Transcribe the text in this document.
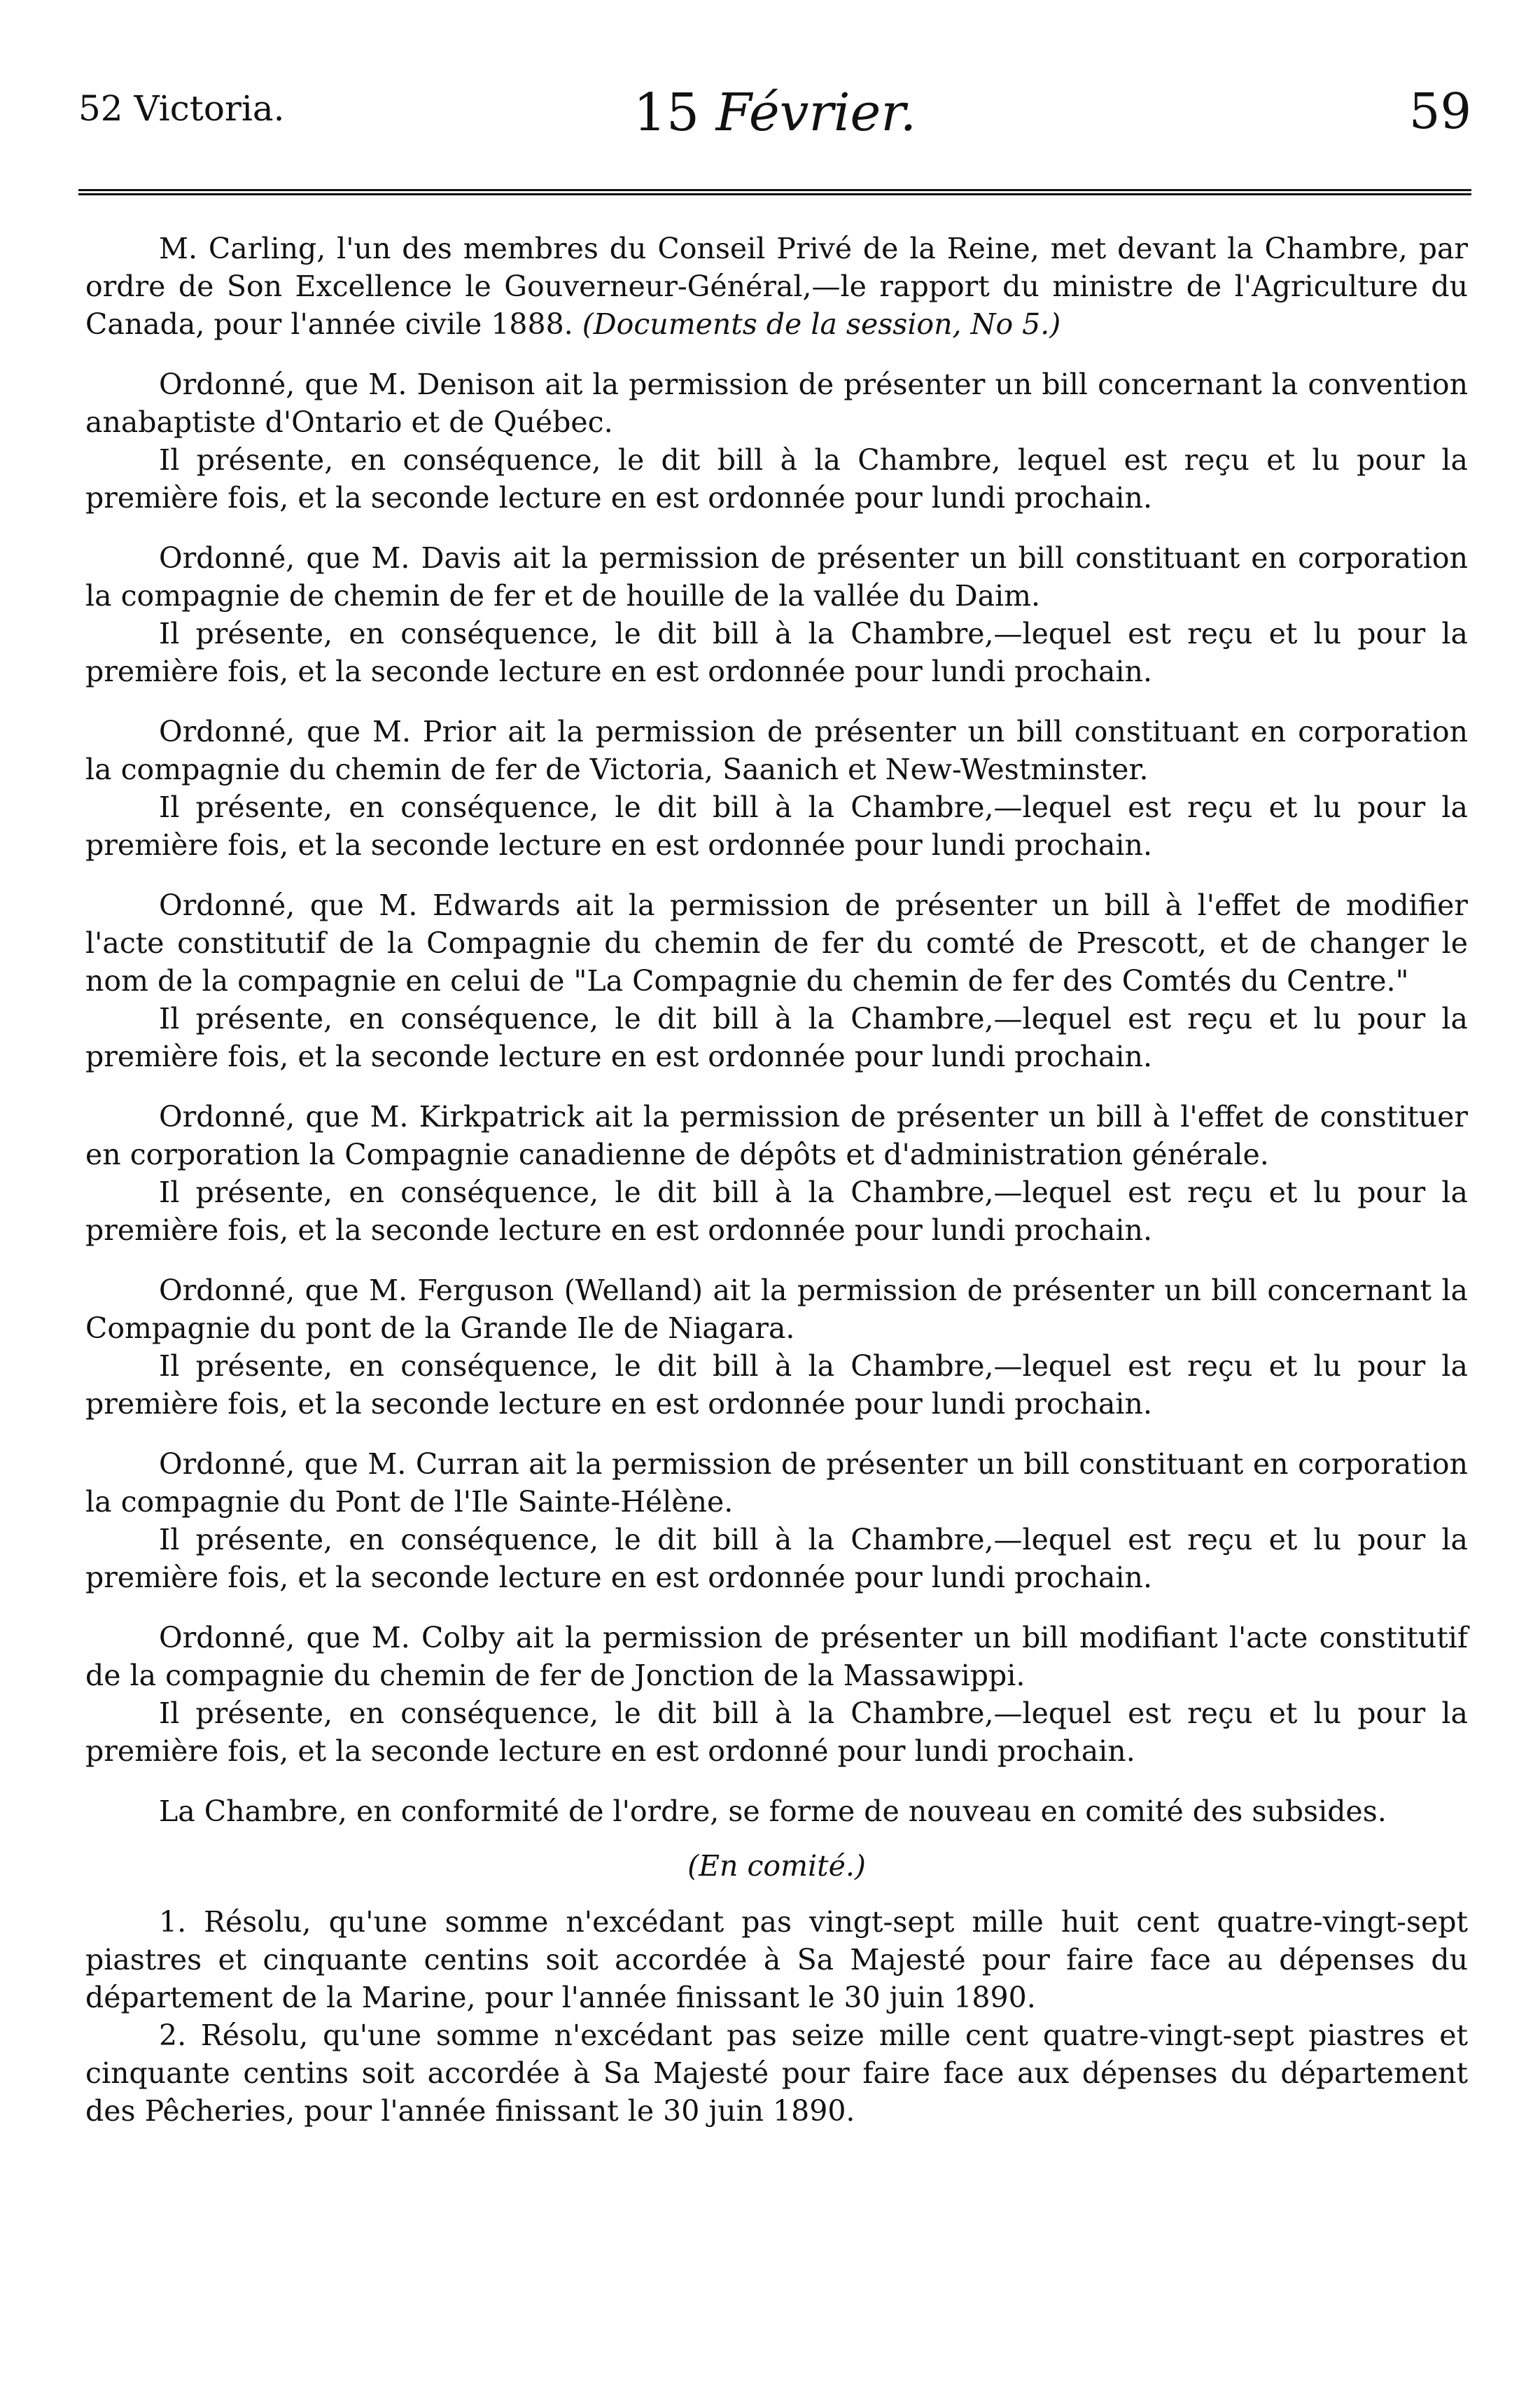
52 Victoria.	15 Février.	59

M. Carling, l'un des membres du Conseil Privé de la Reine, met devant la Chambre, par ordre de Son Excellence le Gouverneur-Général,—le rapport du ministre de l'Agriculture du Canada, pour l'année civile 1888. (Documents de la session, No 5.)

Ordonné, que M. Denison ait la permission de présenter un bill concernant la convention anabaptiste d'Ontario et de Québec.

Il présente, en conséquence, le dit bill à la Chambre, lequel est reçu et lu pour la première fois, et la seconde lecture en est ordonnée pour lundi prochain.

Ordonné, que M. Davis ait la permission de présenter un bill constituant en corporation la compagnie de chemin de fer et de houille de la vallée du Daim.

Il présente, en conséquence, le dit bill à la Chambre,—lequel est reçu et lu pour la première fois, et la seconde lecture en est ordonnée pour lundi prochain.

Ordonné, que M. Prior ait la permission de présenter un bill constituant en corporation la compagnie du chemin de fer de Victoria, Saanich et New-Westminster.

Il présente, en conséquence, le dit bill à la Chambre,—lequel est reçu et lu pour la première fois, et la seconde lecture en est ordonnée pour lundi prochain.

Ordonné, que M. Edwards ait la permission de présenter un bill à l'effet de modifier l'acte constitutif de la Compagnie du chemin de fer du comté de Prescott, et de changer le nom de la compagnie en celui de "La Compagnie du chemin de fer des Comtés du Centre."

Il présente, en conséquence, le dit bill à la Chambre,—lequel est reçu et lu pour la première fois, et la seconde lecture en est ordonnée pour lundi prochain.

Ordonné, que M. Kirkpatrick ait la permission de présenter un bill à l'effet de constituer en corporation la Compagnie canadienne de dépôts et d'administration générale.

Il présente, en conséquence, le dit bill à la Chambre,—lequel est reçu et lu pour la première fois, et la seconde lecture en est ordonnée pour lundi prochain.

Ordonné, que M. Ferguson (Welland) ait la permission de présenter un bill concernant la Compagnie du pont de la Grande Ile de Niagara.

Il présente, en conséquence, le dit bill à la Chambre,—lequel est reçu et lu pour la première fois, et la seconde lecture en est ordonnée pour lundi prochain.

Ordonné, que M. Curran ait la permission de présenter un bill constituant en corporation la compagnie du Pont de l'Ile Sainte-Hélène.

Il présente, en conséquence, le dit bill à la Chambre,—lequel est reçu et lu pour la première fois, et la seconde lecture en est ordonnée pour lundi prochain.

Ordonné, que M. Colby ait la permission de présenter un bill modifiant l'acte constitutif de la compagnie du chemin de fer de Jonction de la Massawippi.

Il présente, en conséquence, le dit bill à la Chambre,—lequel est reçu et lu pour la première fois, et la seconde lecture en est ordonné pour lundi prochain.

La Chambre, en conformité de l'ordre, se forme de nouveau en comité des subsides.

(En comité.)

1. Résolu, qu'une somme n'excédant pas vingt-sept mille huit cent quatre-vingt-sept piastres et cinquante centins soit accordée à Sa Majesté pour faire face au dépenses du département de la Marine, pour l'année finissant le 30 juin 1890.

2. Résolu, qu'une somme n'excédant pas seize mille cent quatre-vingt-sept piastres et cinquante centins soit accordée à Sa Majesté pour faire face aux dépenses du département des Pêcheries, pour l'année finissant le 30 juin 1890.
